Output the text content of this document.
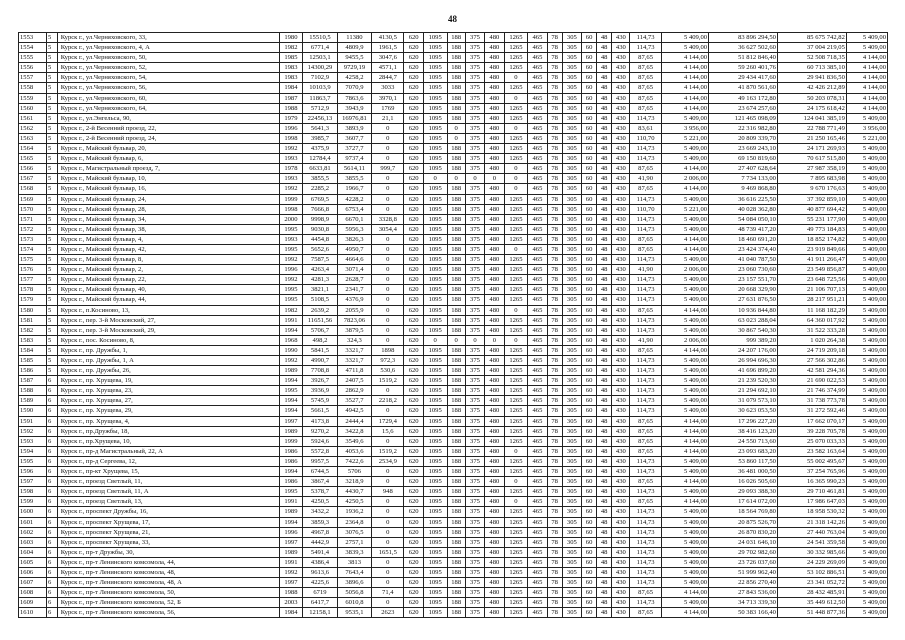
48
1553	5	Курск г., ул.Черняховского, 33,	1980	15510,5	11380	4130,5	620	1095	188	375	480	1265	465	78	305	60	48	430	114,73	5 409,00	83 896 294,50	85 675 742,82	5 409,00
1554	5	Курск г., ул.Черняховского, 4, А	1982	6771,4	4809,9	1961,5	620	1095	188	375	480	1265	465	78	305	60	48	430	114,73	5 409,00	36 627 502,60	37 004 219,05	5 409,00
1555	5	Курск г., ул.Черняховского, 50,	1985	12503,1	9455,5	3047,6	620	1095	188	375	480	1265	465	78	305	60	48	430	87,65	4 144,00	51 812 846,40	52 508 718,35	4 144,00
1556	5	Курск г., ул.Черняховского, 52,	1983	14300,29	9729,19	4571,1	620	1095	188	375	480	1265	465	78	305	60	48	430	87,65	4 144,00	59 260 401,76	60 713 385,10	4 144,00
1557	5	Курск г., ул.Черняховского, 54,	1983	7102,9	4258,2	2844,7	620	1095	188	375	480	0	465	78	305	60	48	430	87,65	4 144,00	29 434 417,60	29 941 836,50	4 144,00
1558	5	Курск г., ул.Черняховского, 56,	1984	10103,9	7070,9	3033	620	1095	188	375	480	1265	465	78	305	60	48	430	87,65	4 144,00	41 870 561,60	42 426 212,89	4 144,00
1559	5	Курск г., ул.Черняховского, 60,	1987	11863,7	7863,6	3970,1	620	1095	188	375	480	0	465	78	305	60	48	430	87,65	4 144,00	49 163 172,80	50 203 078,31	4 144,00
1560	5	Курск г., ул.Черняховского, 64,	1988	5712,9	3943,9	1769	620	1095	188	375	480	1265	465	78	305	60	48	430	87,65	4 144,00	23 674 257,60	24 175 618,42	4 144,00
1561	5	Курск г., ул.Энгельса, 90,	1979	22456,13	16976,81	21,1	620	1095	188	375	480	1265	465	78	305	60	48	430	114,73	5 409,00	121 465 098,09	124 041 385,19	5 409,00
1562	5	Курск г., 2-й Весенний проезд, 22,	1996	5641,3	3893,9	0	620	1095	0	375	480	0	465	78	305	60	48	430	83,61	3 956,00	22 316 982,80	22 788 771,49	3 956,00
1563	5	Курск г., 2-й Весенний проезд, 24,	1998	3985,7	3607,7	0	620	1095	0	375	480	1265	465	78	305	60	48	430	110,70	5 221,00	20 809 339,70	21 250 165,46	5 221,00
1564	5	Курск г., Майский бульвар, 20,	1992	4375,9	3727,7	0	620	1095	188	375	480	1265	465	78	305	60	48	430	114,73	5 409,00	23 669 243,10	24 171 269,93	5 409,00
1565	5	Курск г., Майский бульвар, 6,	1993	12784,4	9737,4	0	620	1095	188	375	480	1265	465	78	305	60	48	430	114,73	5 409,00	69 150 819,60	70 617 515,80	5 409,00
1566	5	Курск г., Магистральный проезд, 7,	1978	6633,81	5614,11	999,7	620	1095	188	375	480	0	465	78	305	60	48	430	87,65	4 144,00	27 407 628,64	27 987 358,19	5 409,00
1567	5	Курск г., Майский бульвар, 10,	1993	3855,5	3855,5	0	620	0	0	0	0	0	465	78	305	60	48	430	41,90	2 006,00	7 734 133,00	7 895 683,98	5 409,00
1568	5	Курск г., Майский бульвар, 16,	1992	2285,2	1966,7	0	620	1095	188	375	480	0	465	78	305	60	48	430	87,65	4 144,00	9 469 868,80	9 670 176,63	5 409,00
1569	5	Курск г., Майский бульвар, 24,	1999	6769,5	4228,2	0	620	1095	188	375	480	1265	465	78	305	60	48	430	114,73	5 409,00	36 616 225,50	37 392 859,10	5 409,00
1570	5	Курск г., Майский бульвар, 28,	1998	7666,8	6753,4	0	620	1095	188	375	480	1265	465	78	305	60	48	430	110,70	5 221,00	40 028 362,80	40 877 694,42	5 409,00
1571	5	Курск г., Майский бульвар, 34,	2000	9998,9	6670,1	3328,8	620	1095	188	375	480	1265	465	78	305	60	48	430	114,73	5 409,00	54 084 050,10	55 231 177,90	5 409,00
1572	5	Курск г., Майский бульвар, 38,	1995	9030,8	5956,3	3054,4	620	1095	188	375	480	1265	465	78	305	60	48	430	114,73	5 409,00	48 739 417,20	49 773 184,83	5 409,00
1573	5	Курск г., Майский бульвар, 4,	1993	4454,8	3826,3	0	620	1095	188	375	480	1265	465	78	305	60	48	430	87,65	4 144,00	18 460 691,20	18 852 174,82	5 409,00
1574	5	Курск г., Майский бульвар, 42,	1995	5652,6	4950,7	0	620	1095	188	375	480	0	465	78	305	60	48	430	87,65	4 144,00	23 424 374,40	23 919 849,66	5 409,00
1575	5	Курск г., Майский бульвар, 8,	1992	7587,5	4664,6	0	620	1095	188	375	480	1265	465	78	305	60	48	430	114,73	5 409,00	41 040 787,50	41 911 266,47	5 409,00
1576	5	Курск г., Майский бульвар, 2,	1996	4263,4	3071,4	0	620	1095	188	375	480	1265	465	78	305	60	48	430	41,90	2 006,00	23 060 730,60	23 549 856,87	5 409,00
1577	5	Курск г., Майский бульвар, 22,	1992	4281,3	2628,7	0	620	1095	188	375	480	1265	465	78	305	60	48	430	114,73	5 409,00	23 157 551,70	23 648 725,56	5 409,00
1578	5	Курск г., Майский бульвар, 40,	1995	3821,1	2341,7	0	620	1095	188	375	480	1265	465	78	305	60	48	430	114,73	5 409,00	20 668 329,90	21 106 707,13	5 409,00
1579	5	Курск г., Майский бульвар, 44,	1995	5108,5	4376,9	0	620	1095	188	375	480	1265	465	78	305	60	48	430	114,73	5 409,00	27 631 876,50	28 217 951,21	5 409,00
1580	5	Курск г., п.Косиново, 13,	1982	2639,2	2055,9	0	620	1095	188	375	480	0	465	78	305	60	48	430	87,65	4 144,00	10 936 844,80	11 168 182,29	5 409,00
1581	5	Курск г., пер. 3-й Московский, 27,	1991	11651,56	7823,06	0	620	1095	188	375	480	1265	465	78	305	60	48	430	114,73	5 409,00	63 023 288,04	64 360 017,92	5 409,00
1582	5	Курск г., пер. 3-й Московский, 29,	1994	5706,7	3879,5	0	620	1095	188	375	480	1265	465	78	305	60	48	430	114,73	5 409,00	30 867 540,30	31 522 333,28	5 409,00
1583	5	Курск г., пос. Косиново, 8,	1968	498,2	324,3	0	620	0	0	0	0	0	465	78	305	60	48	430	41,90	2 006,00	999 389,20	1 020 264,38	5 409,00
1584	5	Курск г., пр. Дружбы, 1,	1990	5841,5	3321,7	1898	620	1095	188	375	480	1265	465	78	305	60	48	430	87,65	4 144,00	24 207 176,00	24 719 209,18	5 409,00
1585	5	Курск г., пр. Дружбы, 1, А	1992	4990,7	3321,7	972,3	620	1095	188	375	480	1265	465	78	305	60	48	430	114,73	5 409,00	26 994 696,30	27 566 302,86	5 409,00
1586	5	Курск г., пр. Дружбы, 26,	1989	7708,8	4711,8	530,6	620	1095	188	375	480	1265	465	78	305	60	48	430	114,73	5 409,00	41 696 899,20	42 581 294,36	5 409,00
1587	6	Курск г., пр. Хрущева, 19,	1994	3926,7	2407,5	1519,2	620	1095	188	375	480	1265	465	78	305	60	48	430	114,73	5 409,00	21 239 520,30	21 690 022,53	5 409,00
1588	6	Курск г., пр. Хрущева, 23,	1995	3936,9	2862,9	0	620	1095	188	375	480	1265	465	78	305	60	48	430	114,73	5 409,00	21 294 692,10	21 746 374,99	5 409,00
1589	6	Курск г., пр. Хрущева, 27,	1994	5745,9	3527,7	2218,2	620	1095	188	375	480	1265	465	78	305	60	48	430	114,73	5 409,00	31 079 573,10	31 738 773,78	5 409,00
1590	6	Курск г., пр. Хрущева, 29,	1994	5661,5	4942,5	0	620	1095	188	375	480	1265	465	78	305	60	48	430	114,73	5 409,00	30 623 053,50	31 272 592,46	5 409,00
1591	6	Курск г., пр. Хрущева, 4,	1997	4173,8	2444,4	1729,4	620	1095	188	375	480	1265	465	78	305	60	48	430	87,65	4 144,00	17 296 227,20	17 662 070,17	5 409,00
1592	6	Курск г., пр.Дружбы, 18,	1989	9270,2	3422,8	15,6	620	1095	188	375	480	1265	465	78	305	60	48	430	87,65	4 144,00	38 416 123,20	39 228 705,78	5 409,00
1593	6	Курск г., пр.Хрущева, 10,	1999	5924,6	3549,6	0	620	1095	188	375	480	1265	465	78	305	60	48	430	87,65	4 144,00	24 550 713,60	25 070 033,33	5 409,00
1594	6	Курск г., пр-д Магистральный, 22, А	1986	5572,8	4053,6	1519,2	620	1095	188	375	480	0	465	78	305	60	48	430	87,65	4 144,00	23 093 683,20	23 582 163,64	5 409,00
1595	6	Курск г., пр-д Сергеева, 12,	1986	9957,5	7422,6	2534,9	620	1095	188	375	480	1265	465	78	305	60	48	430	114,73	5 409,00	53 860 117,50	55 002 495,67	5 409,00
1596	6	Курск г., пр-кт Хрущева, 15,	1994	6744,5	5706	0	620	1095	188	375	480	1265	465	78	305	60	48	430	114,73	5 409,00	36 481 000,50	37 254 765,96	5 409,00
1597	6	Курск г., проезд Светлый, 11,	1986	3867,4	3218,9	0	620	1095	188	375	480	0	465	78	305	60	48	430	87,65	4 144,00	16 026 505,60	16 365 990,23	5 409,00
1598	6	Курск г., проезд Светлый, 11, А	1995	5378,7	4430,7	948	620	1095	188	375	480	1265	465	78	305	60	48	430	114,73	5 409,00	29 093 388,30	29 710 461,81	5 409,00
1599	6	Курск г., проезд Светлый, 13,	1991	4250,5	4250,5	0	620	1095	188	375	480	0	465	78	305	60	48	430	87,65	4 144,00	17 614 072,00	17 986 647,03	5 409,00
1600	6	Курск г., проспект Дружбы, 16,	1989	3432,2	1936,2	0	620	1095	188	375	480	1265	465	78	305	60	48	430	114,73	5 409,00	18 564 769,80	18 958 530,32	5 409,00
1601	6	Курск г., проспект Хрущева, 17,	1994	3859,3	2364,8	0	620	1095	188	375	480	1265	465	78	305	60	48	430	114,73	5 409,00	20 875 526,70	21 318 142,26	5 409,00
1602	6	Курск г., проспект Хрущева, 21,	1996	4967,8	3076,5	0	620	1095	188	375	480	1265	465	78	305	60	48	430	114,73	5 409,00	26 870 830,20	27 440 763,04	5 409,00
1603	6	Курск г., проспект Хрущева, 33,	1997	4442,9	2757,1	0	620	1095	188	375	480	1265	465	78	305	60	48	430	114,73	5 409,00	24 031 646,10	24 541 359,58	5 409,00
1604	6	Курск г., пр-т Дружбы, 30,	1989	5491,4	3839,3	1651,5	620	1095	188	375	480	1265	465	78	305	60	48	430	114,73	5 409,00	29 702 982,60	30 332 985,66	5 409,00
1605	6	Курск г., пр-т Ленинского комсомола, 44,	1991	4386,4	3813	0	620	1095	188	375	480	1265	465	78	305	60	48	430	114,73	5 409,00	23 726 037,60	24 229 269,09	5 409,00
1606	6	Курск г., пр-т Ленинского комсомола, 48,	1992	9613,6	7643,4	0	620	1095	188	375	480	1265	465	78	305	60	48	430	114,73	5 409,00	51 999 962,40	53 102 886,51	5 409,00
1607	6	Курск г., пр-т Ленинского комсомола, 48, А	1997	4225,6	3896,6	0	620	1095	188	375	480	1265	465	78	305	60	48	430	114,73	5 409,00	22 856 270,40	23 341 052,72	5 409,00
1608	6	Курск г., пр-т Ленинского комсомола, 50,	1988	6719	5056,8	71,4	620	1095	188	375	480	1265	465	78	305	60	48	430	87,65	4 144,00	27 843 536,00	28 432 485,91	5 409,00
1609	6	Курск г., пр-т Ленинского комсомола, 52, Б	2003	6417,7	6010,8	0	620	1095	188	375	480	1265	465	78	305	60	48	430	114,73	5 409,00	34 713 339,30	35 449 612,50	5 409,00
1610	6	Курск г., пр-т Ленинского комсомола, 56,	1984	12158,1	9535,1	2623	620	1095	188	375	480	1265	465	78	305	60	48	430	87,65	4 144,00	50 383 166,40	51 448 877,36	5 409,00
